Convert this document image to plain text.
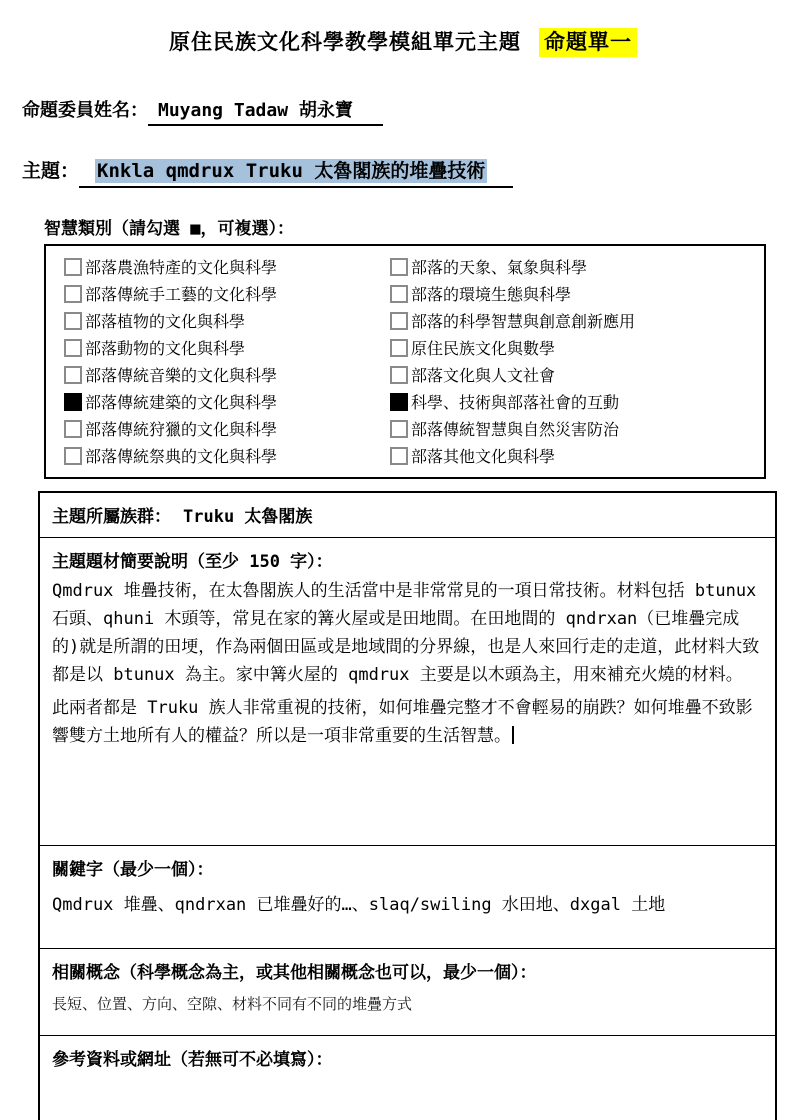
原住民族文化科學教學模組單元主題 命題單一
命題委員姓名： Muyang Tadaw 胡永寶
主題： Knkla qmdrux Truku 太魯閣族的堆疊技術
智慧類別（請勾選 ■，可複選）：
部落農漁特產的文化與科學
部落傳統手工藝的文化科學
部落植物的文化與科學
部落動物的文化與科學
部落傳統音樂的文化與科學
部落傳統建築的文化與科學
部落傳統狩獵的文化與科學
部落傳統祭典的文化與科學
部落的天象、氣象與科學
部落的環境生態與科學
部落的科學智慧與創意創新應用
原住民族文化與數學
部落文化與人文社會
科學、技術與部落社會的互動
部落傳統智慧與自然災害防治
部落其他文化與科學
主題所屬族群： Truku 太魯閣族
主題題材簡要說明（至少 150 字）：
Qmdrux 堆疊技術，在太魯閣族人的生活當中是非常常見的一項日常技術。材料包括 btunux 石頭、qhuni 木頭等，常見在家的篝火屋或是田地間。在田地間的 qndrxan（已堆疊完成的)就是所謂的田埂，作為兩個田區或是地域間的分界線，也是人來回行走的走道，此材料大致都是以 btunux 為主。家中篝火屋的 qmdrux 主要是以木頭為主，用來補充火燒的材料。
此兩者都是 Truku 族人非常重視的技術，如何堆疊完整才不會輕易的崩跌？如何堆疊不致影響雙方土地所有人的權益？所以是一項非常重要的生活智慧。
關鍵字（最少一個）：
Qmdrux 堆疊、qndrxan 已堆疊好的…、slaq/swiling 水田地、dxgal 土地
相關概念（科學概念為主，或其他相關概念也可以，最少一個）：
長短、位置、方向、空隙、材料不同有不同的堆疊方式
參考資料或網址（若無可不必填寫）：
